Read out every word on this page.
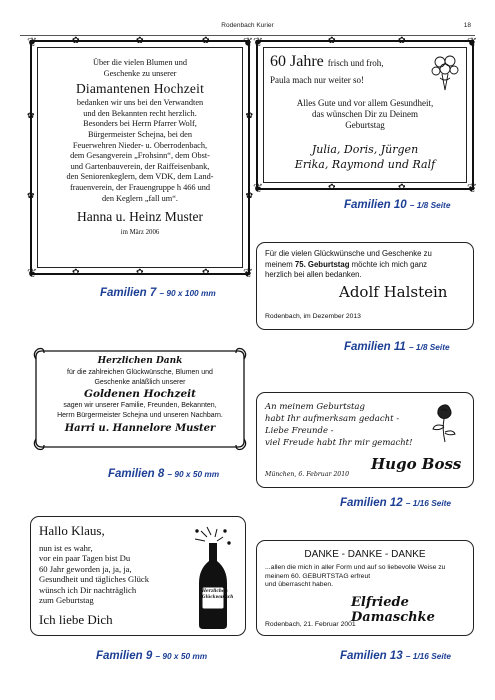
Rodenbach Kurier	18
❦	❦
❦	❦
✿	✿	✿
✿	✿	✿
✿
✿
✿
✿
Über die vielen Blumen und
Geschenke zu unserer
Diamantenen Hochzeit
bedanken wir uns bei den Verwandten
und den Bekannten recht herzlich.
Besonders bei Herrn Pfarrer Wolf,
Bürgermeister Schejna, bei den
Feuerwehren Nieder- u. Oberrodenbach,
dem Gesangverein „Frohsinn“, dem Obst-
und Gartenbauverein, der Raiffeisenbank,
den Seniorenkeglern, dem VDK, dem Land-
frauenverein, der Frauengruppe h 466 und
den Keglern „fall um“.
Hanna u. Heinz Muster
im März 2006
Familien 7 – 90 x 100 mm
❦	❦
❦	❦
✿	✿
✿	✿
60 Jahre frisch und froh,
Paula mach nur weiter so!
Alles Gute und vor allem Gesundheit,
das wünschen Dir zu Deinem
Geburtstag
Julia, Doris, Jürgen
Erika, Raymond und Ralf
Familien 10 – 1/8 Seite
Für die vielen Glückwünsche und Geschenke zu
meinem 75. Geburtstag möchte ich mich ganz
herzlich bei allen bedanken.
Adolf Halstein
Rodenbach, im Dezember 2013
Familien 11 – 1/8 Seite
Herzlichen Dank
für die zahlreichen Glückwünsche, Blumen und
Geschenke anläßlich unserer
Goldenen Hochzeit
sagen wir unserer Familie, Freunden, Bekannten,
Herrn Bürgermeister Schejna und unseren Nachbarn.
Harri u. Hannelore Muster
Familien 8 – 90 x 50 mm
An meinem Geburtstag
habt Ihr aufmerksam gedacht -
Liebe Freunde -
viel Freude habt Ihr mir gemacht!
München, 6. Februar 2010
Hugo Boss
Familien 12 – 1/16 Seite
Hallo Klaus,
nun ist es wahr,
vor ein paar Tagen bist Du
60 Jahr geworden ja, ja, ja,
Gesundheit und tägliches Glück
wünsch ich Dir nachträglich
zum Geburtstag
Ich liebe Dich
Herzlichen Glückwunsch
Familien 9 – 90 x 50 mm
DANKE - DANKE - DANKE
...allen die mich in aller Form und auf so liebevolle Weise zu
meinem 60. GEBURTSTAG erfreut
und überrascht haben.
Elfriede Damaschke
Rodenbach, 21. Februar 2001
Familien 13 – 1/16 Seite
